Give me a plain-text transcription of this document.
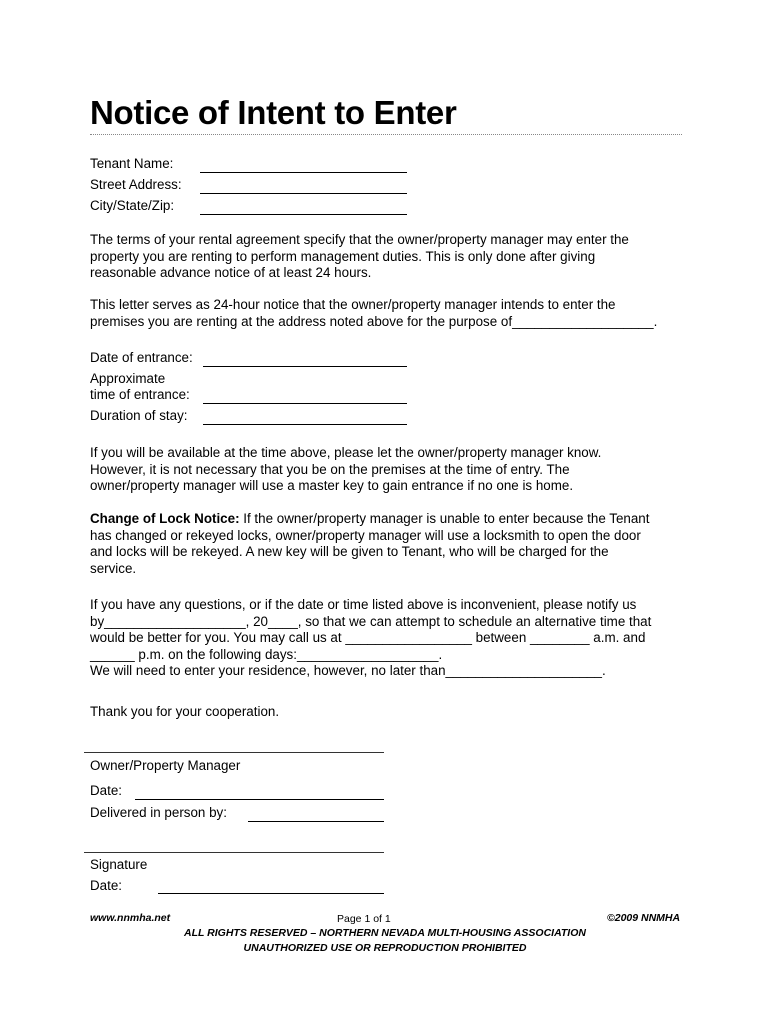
Notice of Intent to Enter
Tenant Name:
Street Address:
City/State/Zip:

The terms of your rental agreement specify that the owner/property manager may enter the

property you are renting to perform management duties. This is only done after giving

reasonable advance notice of at least 24 hours.

This letter serves as 24-hour notice that the owner/property manager intends to enter the

premises you are renting at the address noted above for the purpose of___________________.

Date of entrance:
Approximate
time of entrance:
Duration of stay:

If you will be available at the time above, please let the owner/property manager know.

However, it is not necessary that you be on the premises at the time of entry. The

owner/property manager will use a master key to gain entrance if no one is home.

Change of Lock Notice: If the owner/property manager is unable to enter because the Tenant

has changed or rekeyed locks, owner/property manager will use a locksmith to open the door

and locks will be rekeyed. A new key will be given to Tenant, who will be charged for the

service.

If you have any questions, or if the date or time listed above is inconvenient, please notify us

by___________________, 20____, so that we can attempt to schedule an alternative time that

would be better for you. You may call us at _________________ between ________ a.m. and

______ p.m. on the following days:___________________.

We will need to enter your residence, however, no later than_____________________.

Thank you for your cooperation.
Owner/Property Manager
Date:
Delivered in person by:
Signature
Date:
www.nnmha.net	Page 1 of 1	©2009 NNMHA
ALL RIGHTS RESERVED – NORTHERN NEVADA MULTI-HOUSING ASSOCIATION
UNAUTHORIZED USE OR REPRODUCTION PROHIBITED
